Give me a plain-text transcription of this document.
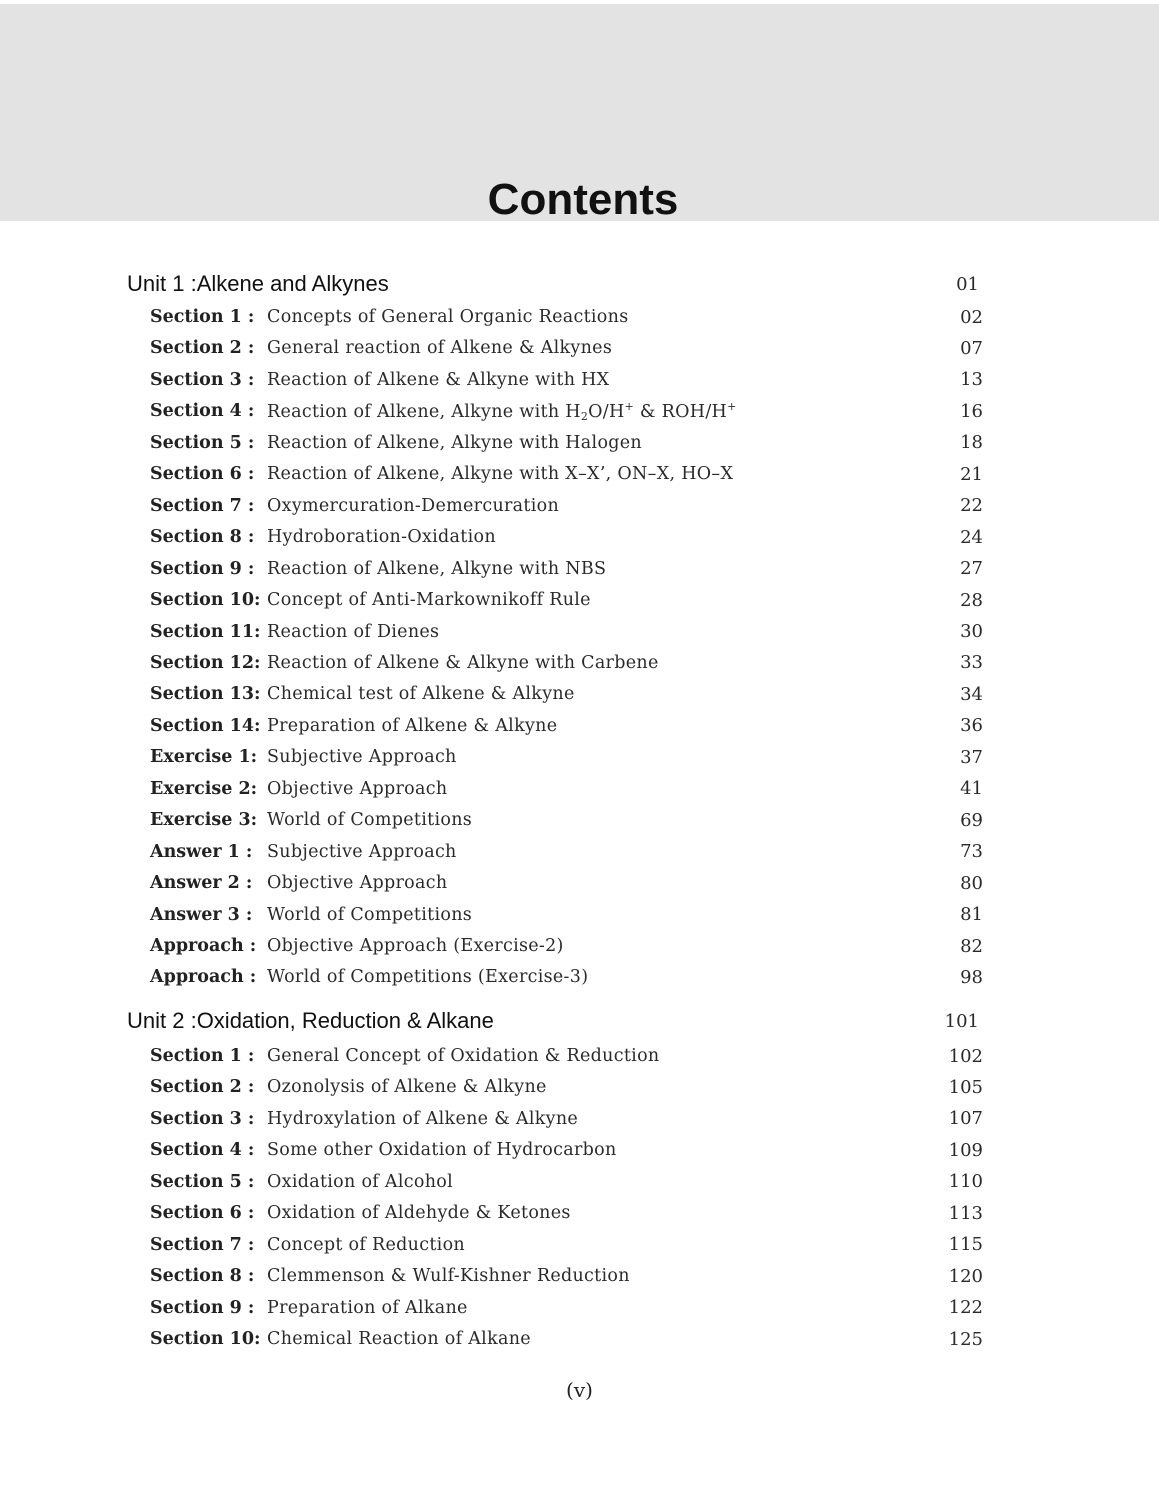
Contents
Unit 1 :Alkene and Alkynes	01
Section 1 : Concepts of General Organic Reactions	02
Section 2 : General reaction of Alkene & Alkynes	07
Section 3 : Reaction of Alkene & Alkyne with HX	13
Section 4 : Reaction of Alkene, Alkyne with $H_2O/H^+$ & ROH/H+	16
Section 5 : Reaction of Alkene, Alkyne with Halogen	18
Section 6 : Reaction of Alkene, Alkyne with X–X’, ON–X, HO–X	21
Section 7 : Oxymercuration-Demercuration	22
Section 8 : Hydroboration-Oxidation	24
Section 9 : Reaction of Alkene, Alkyne with NBS	27
Section 10: Concept of Anti-Markownikoff Rule	28
Section 11: Reaction of Dienes	30
Section 12: Reaction of Alkene & Alkyne with Carbene	33
Section 13: Chemical test of Alkene & Alkyne	34
Section 14: Preparation of Alkene & Alkyne	36
Exercise 1: Subjective Approach	37
Exercise 2: Objective Approach	41
Exercise 3: World of Competitions	69
Answer 1 : Subjective Approach	73
Answer 2 : Objective Approach	80
Answer 3 : World of Competitions	81
Approach : Objective Approach (Exercise-2)	82
Approach : World of Competitions (Exercise-3)	98
Unit 2 :Oxidation, Reduction & Alkane	101
Section 1 : General Concept of Oxidation & Reduction	102
Section 2 : Ozonolysis of Alkene & Alkyne	105
Section 3 : Hydroxylation of Alkene & Alkyne	107
Section 4 : Some other Oxidation of Hydrocarbon	109
Section 5 : Oxidation of Alcohol	110
Section 6 : Oxidation of Aldehyde & Ketones	113
Section 7 : Concept of Reduction	115
Section 8 : Clemmenson & Wulf-Kishner Reduction	120
Section 9 : Preparation of Alkane	122
Section 10: Chemical Reaction of Alkane	125
(v)
